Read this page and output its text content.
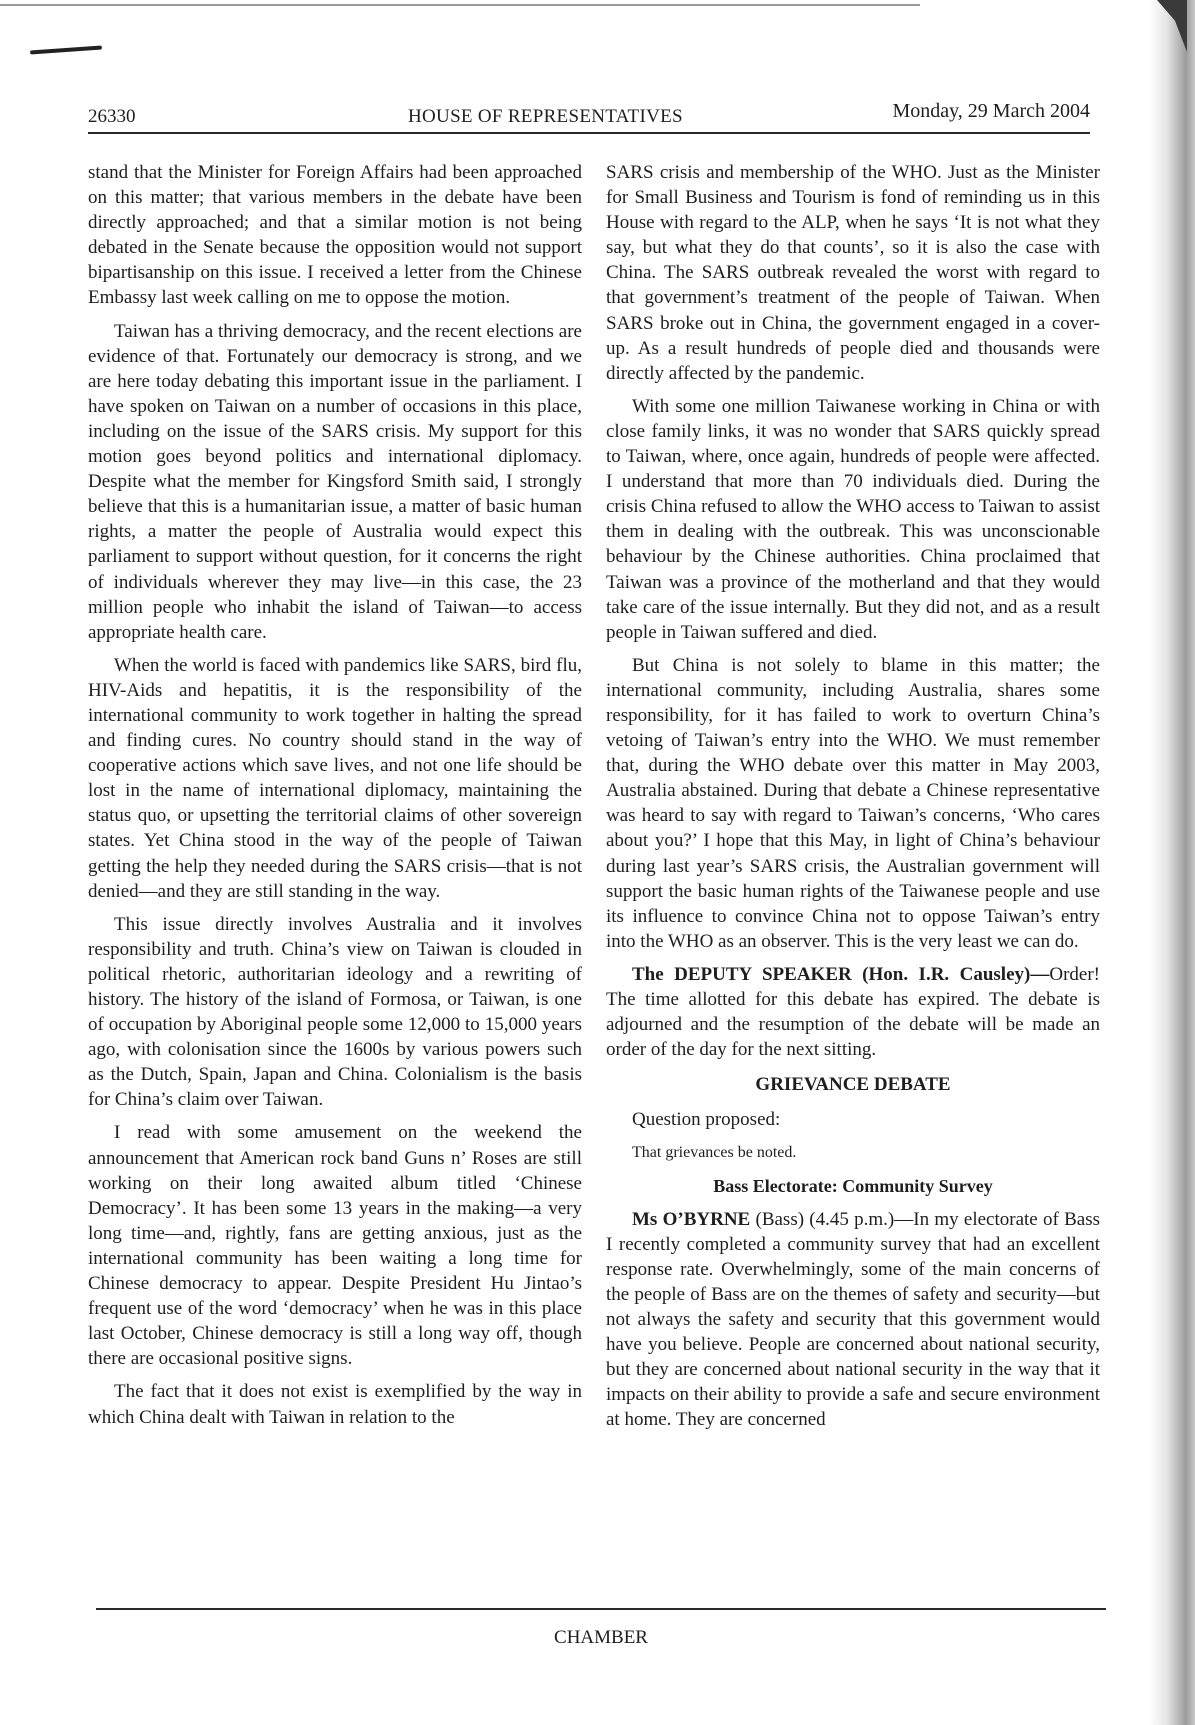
26330	HOUSE OF REPRESENTATIVES	Monday, 29 March 2004

stand that the Minister for Foreign Affairs had been approached on this matter; that various members in the debate have been directly approached; and that a similar motion is not being debated in the Senate because the opposition would not support bipartisanship on this issue. I received a letter from the Chinese Embassy last week calling on me to oppose the motion.

Taiwan has a thriving democracy, and the recent elections are evidence of that. Fortunately our democracy is strong, and we are here today debating this important issue in the parliament. I have spoken on Taiwan on a number of occasions in this place, including on the issue of the SARS crisis. My support for this motion goes beyond politics and international diplomacy. Despite what the member for Kingsford Smith said, I strongly believe that this is a humanitarian issue, a matter of basic human rights, a matter the people of Australia would expect this parliament to support without question, for it concerns the right of individuals wherever they may live—in this case, the 23 million people who inhabit the island of Taiwan—to access appropriate health care.

When the world is faced with pandemics like SARS, bird flu, HIV-Aids and hepatitis, it is the responsibility of the international community to work together in halting the spread and finding cures. No country should stand in the way of cooperative actions which save lives, and not one life should be lost in the name of international diplomacy, maintaining the status quo, or upsetting the territorial claims of other sovereign states. Yet China stood in the way of the people of Taiwan getting the help they needed during the SARS crisis—that is not denied—and they are still standing in the way.

This issue directly involves Australia and it involves responsibility and truth. China’s view on Taiwan is clouded in political rhetoric, authoritarian ideology and a rewriting of history. The history of the island of Formosa, or Taiwan, is one of occupation by Aboriginal people some 12,000 to 15,000 years ago, with colonisation since the 1600s by various powers such as the Dutch, Spain, Japan and China. Colonialism is the basis for China’s claim over Taiwan.

I read with some amusement on the weekend the announcement that American rock band Guns n’ Roses are still working on their long awaited album titled ‘Chinese Democracy’. It has been some 13 years in the making—a very long time—and, rightly, fans are getting anxious, just as the international community has been waiting a long time for Chinese democracy to appear. Despite President Hu Jintao’s frequent use of the word ‘democracy’ when he was in this place last October, Chinese democracy is still a long way off, though there are occasional positive signs.

The fact that it does not exist is exemplified by the way in which China dealt with Taiwan in relation to the

SARS crisis and membership of the WHO. Just as the Minister for Small Business and Tourism is fond of reminding us in this House with regard to the ALP, when he says ‘It is not what they say, but what they do that counts’, so it is also the case with China. The SARS outbreak revealed the worst with regard to that government’s treatment of the people of Taiwan. When SARS broke out in China, the government engaged in a cover-up. As a result hundreds of people died and thousands were directly affected by the pandemic.

With some one million Taiwanese working in China or with close family links, it was no wonder that SARS quickly spread to Taiwan, where, once again, hundreds of people were affected. I understand that more than 70 individuals died. During the crisis China refused to allow the WHO access to Taiwan to assist them in dealing with the outbreak. This was unconscionable behaviour by the Chinese authorities. China proclaimed that Taiwan was a province of the motherland and that they would take care of the issue internally. But they did not, and as a result people in Taiwan suffered and died.

But China is not solely to blame in this matter; the international community, including Australia, shares some responsibility, for it has failed to work to overturn China’s vetoing of Taiwan’s entry into the WHO. We must remember that, during the WHO debate over this matter in May 2003, Australia abstained. During that debate a Chinese representative was heard to say with regard to Taiwan’s concerns, ‘Who cares about you?’ I hope that this May, in light of China’s behaviour during last year’s SARS crisis, the Australian government will support the basic human rights of the Taiwanese people and use its influence to convince China not to oppose Taiwan’s entry into the WHO as an observer. This is the very least we can do.

The DEPUTY SPEAKER (Hon. I.R. Causley)—Order! The time allotted for this debate has expired. The debate is adjourned and the resumption of the debate will be made an order of the day for the next sitting.

GRIEVANCE DEBATE

Question proposed:

That grievances be noted.

Bass Electorate: Community Survey

Ms O’BYRNE (Bass) (4.45 p.m.)—In my electorate of Bass I recently completed a community survey that had an excellent response rate. Overwhelmingly, some of the main concerns of the people of Bass are on the themes of safety and security—but not always the safety and security that this government would have you believe. People are concerned about national security, but they are concerned about national security in the way that it impacts on their ability to provide a safe and secure environment at home. They are concerned

CHAMBER
